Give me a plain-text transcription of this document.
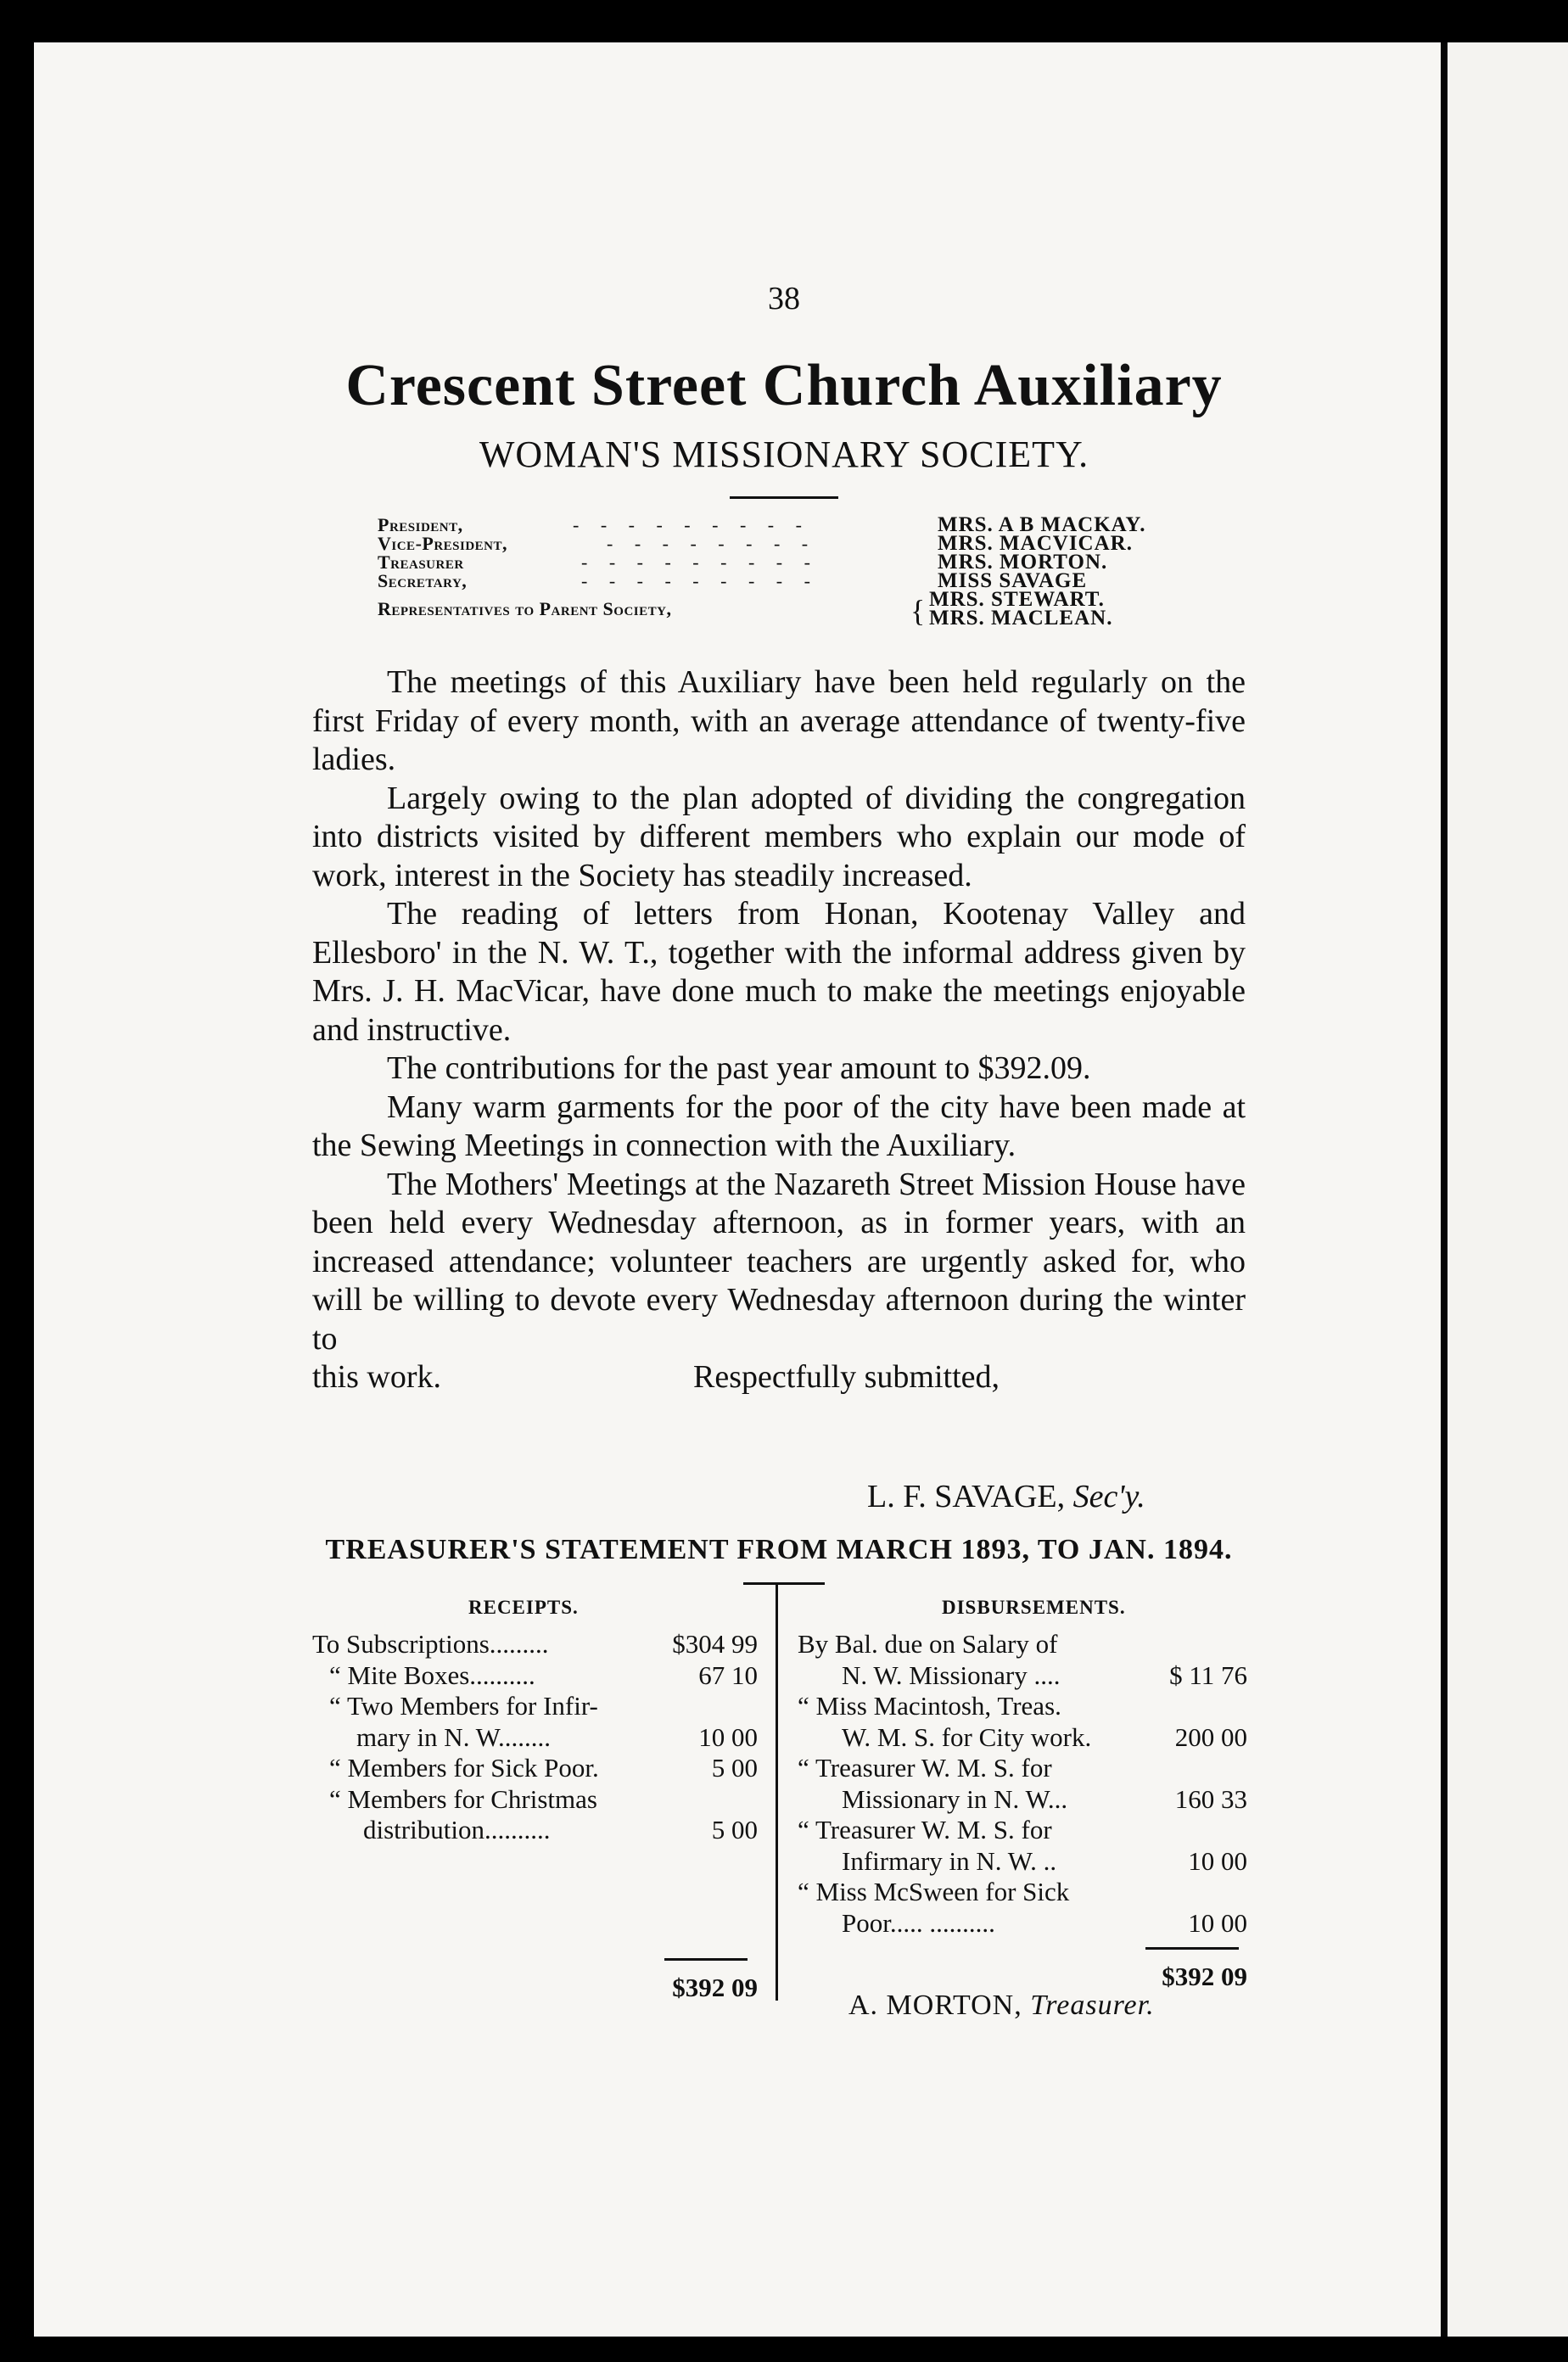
38
Crescent Street Church Auxiliary
WOMAN'S MISSIONARY SOCIETY.
President,	- - - - - - - - -	MRS. A B MACKAY.
Vice-President,	- - - - - - - -	MRS. MACVICAR.
Treasurer	- - - - - - - - -	MRS. MORTON.
Secretary,	- - - - - - - - -	MISS SAVAGE
Representatives to Parent Society,	{ MRS. STEWART.
MRS. MACLEAN.

The meetings of this Auxiliary have been held regularly on the first Friday of every month, with an average attendance of twenty-five ladies.

Largely owing to the plan adopted of dividing the congregation into districts visited by different members who explain our mode of work, interest in the Society has steadily increased.

The reading of letters from Honan, Kootenay Valley and Ellesboro' in the N. W. T., together with the informal address given by Mrs. J. H. MacVicar, have done much to make the meetings enjoyable and instructive.

The contributions for the past year amount to $392.09.

Many warm garments for the poor of the city have been made at the Sewing Meetings in connection with the Auxiliary.

The Mothers' Meetings at the Nazareth Street Mission House have been held every Wednesday afternoon, as in former years, with an increased attendance; volunteer teachers are urgently asked for, who will be willing to devote every Wednesday afternoon during the winter to

this work.	Respectfully submitted,
L. F. SAVAGE, Sec'y.
TREASURER'S STATEMENT FROM MARCH 1893, TO JAN. 1894.
RECEIPTS.	DISBURSEMENTS.
To Subscriptions.........	$304 99
“ Mite Boxes..........	67 10
“ Two Members for Infir-
mary in N. W........	10 00
“ Members for Sick Poor.	5 00
“ Members for Christmas
distribution..........	5 00
$392 09
By Bal. due on Salary of
N. W. Missionary ....	$ 11 76
“ Miss Macintosh, Treas.
W. M. S. for City work.	200 00
“ Treasurer W. M. S. for
Missionary in N. W...	160 33
“ Treasurer W. M. S. for
Infirmary in N. W. ..	10 00
“ Miss McSween for Sick
Poor..... ..........	10 00
$392 09
A. MORTON, Treasurer.
